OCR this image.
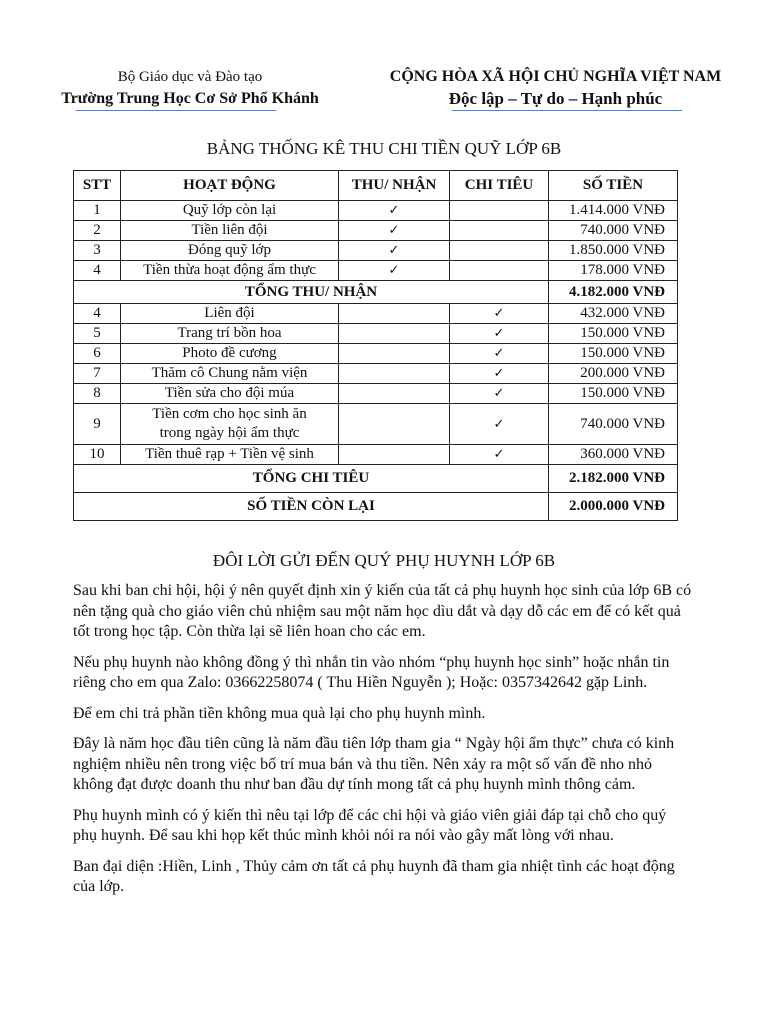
Bộ Giáo dục và Đào tạo
Trường Trung Học Cơ Sở Phổ Khánh
CỘNG HÒA XÃ HỘI CHỦ NGHĨA VIỆT NAM
Độc lập – Tự do – Hạnh phúc
BẢNG THỐNG KÊ THU CHI TIỀN QUỸ LỚP 6B
STT	HOẠT ĐỘNG	THU/ NHẬN	CHI TIÊU	SỐ TIỀN
1	Quỹ lớp còn lại	✓		1.414.000 VNĐ
2	Tiền liên đội	✓		740.000 VNĐ
3	Đóng quỹ lớp	✓		1.850.000 VNĐ
4	Tiền thừa hoạt động ẩm thực	✓		178.000 VNĐ
TỔNG THU/ NHẬN				4.182.000 VNĐ
4	Liên đội		✓	432.000 VNĐ
5	Trang trí bồn hoa		✓	150.000 VNĐ
6	Photo đề cương		✓	150.000 VNĐ
7	Thăm cô Chung nằm viện		✓	200.000 VNĐ
8	Tiền sửa cho đội múa		✓	150.000 VNĐ
9	Tiền cơm cho học sinh ăn
trong ngày hội ẩm thực		✓	740.000 VNĐ
10	Tiền thuê rạp + Tiền vệ sinh		✓	360.000 VNĐ
TỔNG CHI TIÊU				2.182.000 VNĐ
SỐ TIỀN CÒN LẠI				2.000.000 VNĐ
ĐÔI LỜI GỬI ĐẾN QUÝ PHỤ HUYNH LỚP 6B

Sau khi ban chi hội, hội ý nên quyết định xin ý kiến của tất cả phụ huynh học sinh của lớp 6B có nên tặng quà cho giáo viên chủ nhiệm sau một năm học dìu dắt và dạy dỗ các em để có kết quả tốt trong học tập. Còn thừa lại sẽ liên hoan cho các em.

Nếu phụ huynh nào không đồng ý thì nhắn tin vào nhóm “phụ huynh học sinh” hoặc nhắn tin riêng cho em qua Zalo: 03662258074 ( Thu Hiền Nguyễn ); Hoặc: 0357342642 gặp Linh.

Để em chi trả phần tiền không mua quà lại cho phụ huynh mình.

Đây là năm học đầu tiên cũng là năm đầu tiên lớp tham gia “ Ngày hội ẩm thực” chưa có kinh nghiệm nhiều nên trong việc bố trí mua bán và thu tiền. Nên xảy ra một số vấn đề nho nhỏ không đạt được doanh thu như ban đầu dự tính mong tất cả phụ huynh mình thông cảm.

Phụ huynh mình có ý kiến thì nêu tại lớp để các chi hội và giáo viên giải đáp tại chỗ cho quý phụ huynh. Để sau khi họp kết thúc mình khỏi nói ra nói vào gây mất lòng với nhau.

Ban đại diện :Hiền, Linh , Thủy cảm ơn tất cả phụ huynh đã tham gia nhiệt tình các hoạt động của lớp.
